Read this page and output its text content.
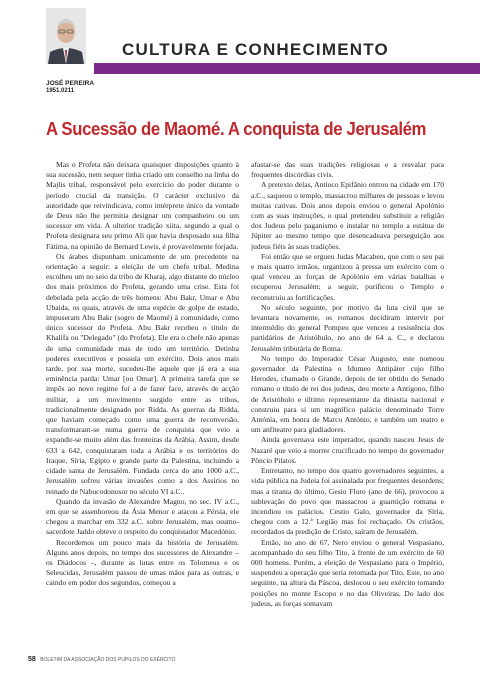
CULTURA E CONHECIMENTO
JOSÉ PEREIRA
1951.0211
A Sucessão de Maomé. A conquista de Jerusalém

Mas o Profeta não deixara quaisquer disposições quanto à sua sucessão, nem sequer tinha criado um conselho na linha do Majlis tribal, responsável pelo exercício do poder durante o período crucial da transição. O carácter exclusivo da autoridade que reivindicava, como intérprete único da vontade de Deus não lhe permitia designar um companheiro ou um sucessor em vida. A ulterior tradição xiita, segundo a qual o Profeta designara seu primo Ali que havia desposado sua filha Fátima, na opinião de Bernard Lewis, é provavelmente forjada.

Os árabes dispunham unicamente de um precedente na orientação a seguir: a eleição de um chefe tribal. Medina escolheu um no seio da tribo de Kharaj, algo distante do núcleo dos mais próximos do Profeta, gerando uma crise. Esta foi debelada pela acção de três homens: Abu Bakr, Umar e Abu Ubaida, os quais, através de uma espécie de golpe de estado, impuseram Abu Bakr (sogro de Maomé) à comunidade, como único sucessor do Profeta. Abu Bakr recebeu o título de Khalifa ou "Delegado" (do Profeta). Ele era o chefe não apenas de uma comunidade mas de todo um território. Detinha poderes executivos e possuía um exército. Dois anos mais tarde, por sua morte, sucedeu-lhe aquele que já era a sua eminência parda: Umar [ou Omar]. A primeira tarefa que se impôs ao novo regime foi a de fazer face, através de acção militar, a um movimento surgido entre as tribos, tradicionalmente designado por Ridda. As guerras da Ridda, que haviam começado como uma guerra de reconversão, transformaram-se numa guerra de conquista que veio a expandir-se muito além das fronteiras da Arábia. Assim, desde 633 a 642, conquistaram toda a Arábia e os territórios do Iraque, Síria, Egipto e grande parte da Palestina, incluindo a cidade santa de Jerusalém. Fundada cerca do ano 1000 a.C., Jerusalém sofreu várias invasões como a dos Assírios no reinado de Nabucodonosor no século VI a.C..

Quando da invasão de Alexandre Magno, no sec. IV a.C., em que se assenhoreou da Ásia Menor e atacou a Pérsia, ele chegou a marchar em 332 a.C. sobre Jerusalém, mas osumo-sacerdote Jaddo obteve o respeito do conquistador Macedónio.

Recordemos um pouco mais da história de Jerusalém. Alguns anos depois, no tempo dos sucessores de Alexandre – os Diádocos –, durante as lutas entre os Tolomeus e os Seleucidas, Jerusalém passou de umas mãos para as outras, e caindo em poder dos segundos, começou a

afastar-se das suas tradições religiosas e a resvalar para frequentes discórdias civis.

A pretexto delas, Antíoco Epifânio entrou na cidade em 170 a.C., saqueou o templo, massacrou milhares de pessoas e levou muitas cativas. Dois anos depois enviou o general Apolónio com as suas instruções, o qual pretendeu substituir a religião dos Judeus pelo paganismo e instalar no templo a estátua de Júpiter ao mesmo tempo que desencadeava perseguição aos judeus fiéis às suas tradições.

Foi então que se ergueu Judas Macabeu, que com o seu pai e mais quatro irmãos, organizou à pressa um exército com o qual venceu as forças de Apolónio em várias batalhas e recuperou Jerusalém; a seguir, purificou o Templo e reconstruiu as fortificações.

No século seguinte, por motivo da luta civil que se levantara novamente, os romanos decidiram intervir por intermédio do general Pompeu que venceu a resistência dos partidários de Aristóbulo, no ano de 64 a. C., e declarou Jerusalém tributária de Roma.

No tempo do Imperador César Augusto, este nomeou governador da Palestina o Idumeo Antipáter cujo filho Herodes, chamado o Grande, depois de ter obtido do Senado romano o título de rei dos judeus, deu morte a Antígono, filho de Aristóbulo e último representante da dinastia nacional e construiu para si um magnífico palácio denominado Torre Antónia, em honra de Marco António, e também um teatro e um anfiteatro para gladiadores.

Ainda governava este imperador, quando nasceu Jesus de Nazaré que veio a morrer crucificado no tempo do governador Pôncio Pilatos.

Entretanto, no tempo dos quatro governadores seguintes, a vida pública na Judeia foi assinalada por frequentes desordens; mas a tirania do último, Gesio Floro (ano de 66), provocou a sublevação do povo que massacrou a guarnição romana e incendiou os palácios. Cestio Galo, governador da Síria, chegou com a 12.ª Legião mas foi rechaçado. Os cristãos, recordados da predição de Cristo, saíram de Jerusalém.

Então, no ano de 67, Nero enviou o general Vespasiano, acompanhado do seu filho Tito, à frente de um exército de 60 000 homens. Porém, a eleição de Vespasiano para o Império, suspendeu a operação que seria retomada por Tito. Este, no ano seguinte, na altura da Páscoa, deslocou o seu exército tomando posições no monte Escopo e no das Oliveiras. Do lado dos judeus, as forças somavam

58 BOLETIM DA ASSOCIAÇÃO DOS PUPILOS DO EXÉRCITO
